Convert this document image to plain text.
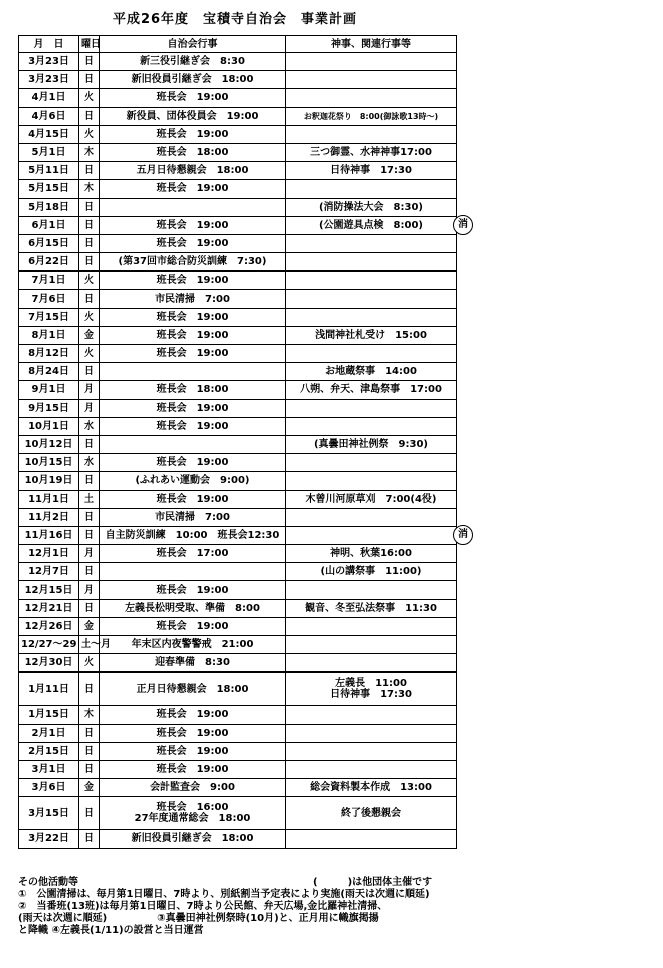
平成26年度　宝積寺自治会　事業計画
月　日	曜日	自治会行事	神事、関連行事等
3月23日	日	新三役引継ぎ会　8:30	

3月23日	日	新旧役員引継ぎ会　18:00	

4月1日	火	班長会　19:00	

4月6日	日	新役員、団体役員会　19:00	お釈迦花祭り　8:00(御詠歌13時～)

4月15日	火	班長会　19:00	

5月1日	木	班長会　18:00	三つ御霊、水神神事17:00

5月11日	日	五月日待懇親会　18:00	日待神事　17:30

5月15日	木	班長会　19:00	

5月18日	日		(消防操法大会　8:30)

6月1日	日	班長会　19:00	(公園遊具点検　8:00) 消

6月15日	日	班長会　19:00	

6月22日	日	(第37回市総合防災訓練　7:30)	

7月1日	火	班長会　19:00	

7月6日	日	市民清掃　7:00	

7月15日	火	班長会　19:00	

8月1日	金	班長会　19:00	浅間神社札受け　15:00

8月12日	火	班長会　19:00	

8月24日	日		お地蔵祭事　14:00

9月1日	月	班長会　18:00	八朔、弁天、津島祭事　17:00

9月15日	月	班長会　19:00	

10月1日	水	班長会　19:00	

10月12日	日		(真曇田神社例祭　9:30)

10月15日	水	班長会　19:00	

10月19日	日	(ふれあい運動会　9:00)	

11月1日	土	班長会　19:00	木曾川河原草刈　7:00(4役)

11月2日	日	市民清掃　7:00	

11月16日	日	自主防災訓練　10:00　班長会12:30	消

12月1日	月	班長会　17:00	神明、秋葉16:00

12月7日	日		(山の講祭事　11:00)

12月15日	月	班長会　19:00	

12月21日	日	左義長松明受取、準備　8:00	観音、冬至弘法祭事　11:30

12月26日	金	班長会　19:00	

12/27～29	土～月	年末区内夜警警戒　21:00	

12月30日	火	迎春準備　8:30	

1月11日	日	正月日待懇親会　18:00	左義長　11:00
日待神事　17:30

1月15日	木	班長会　19:00	

2月1日	日	班長会　19:00	

2月15日	日	班長会　19:00	

3月1日	日	班長会　19:00	

3月6日	金	会計監査会　9:00	総会資料製本作成　13:00

3月15日	日	班長会　16:00
27年度通常総会　18:00	終了後懇親会

3月22日	日	新旧役員引継ぎ会　18:00	
その他活動等	(　　　)は他団体主催です
①　公園清掃は、毎月第1日曜日、7時より、別紙割当予定表により実施(雨天は次週に順延)
②　当番班(13班)は毎月第1日曜日、7時より公民館、弁天広場,金比羅神社清掃、
(雨天は次週に順延)　　　　　③真曇田神社例祭時(10月)と、正月用に幟旗掲揚
と降幟 ④左義長(1/11)の設営と当日運営
